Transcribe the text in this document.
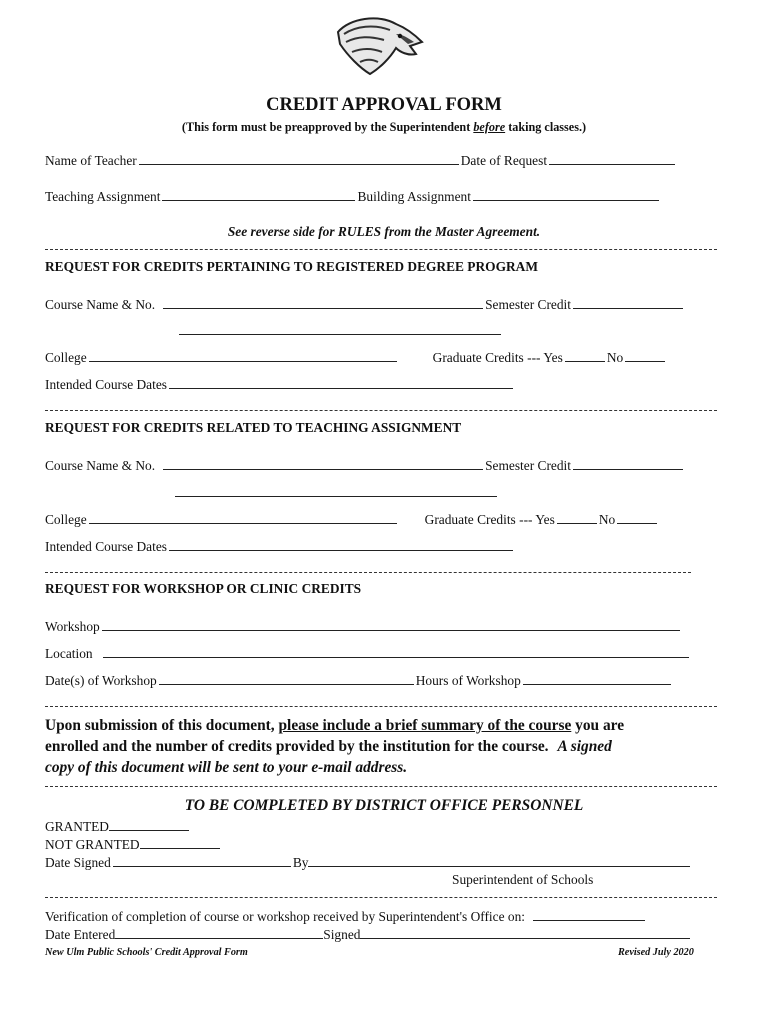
CREDIT APPROVAL FORM
(This form must be preapproved by the Superintendent before taking classes.)
Name of Teacher	Date of Request
Teaching Assignment	Building Assignment
See reverse side for RULES from the Master Agreement.
REQUEST FOR CREDITS PERTAINING TO REGISTERED DEGREE PROGRAM
Course Name & No.	Semester Credit
College	Graduate Credits --- Yes	No
Intended Course Dates
REQUEST FOR CREDITS RELATED TO TEACHING ASSIGNMENT
Course Name & No.	Semester Credit
College	Graduate Credits --- Yes	No
Intended Course Dates
REQUEST FOR WORKSHOP OR CLINIC CREDITS
Workshop
Location
Date(s) of Workshop	Hours of Workshop
Upon submission of this document, please include a brief summary of the course you are
enrolled and the number of credits provided by the institution for the course. A signed
copy of this document will be sent to your e-mail address.
TO BE COMPLETED BY DISTRICT OFFICE PERSONNEL
GRANTED
NOT GRANTED
Date Signed	By
Superintendent of Schools
Verification of completion of course or workshop received by Superintendent's Office on:
Date Entered	Signed
New Ulm Public Schools' Credit Approval Form	Revised July 2020
